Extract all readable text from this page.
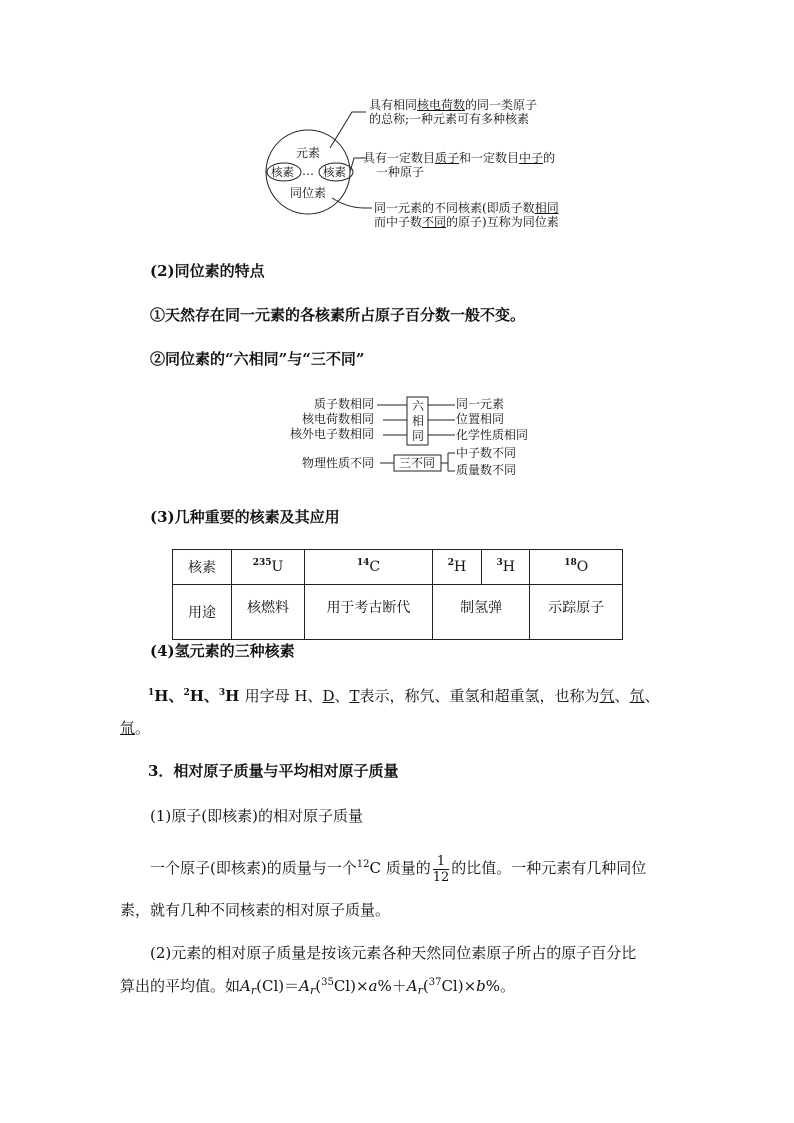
元素
核素 … 核素
同位素
具有相同核电荷数的同一类原子
的总称;一种元素可有多种核素
具有一定数目质子和一定数目中子的
一种原子
同一元素的不同核素(即质子数相同
而中子数不同的原子)互称为同位素
(2)同位素的特点
①天然存在同一元素的各核素所占原子百分数一般不变。
②同位素的“六相同”与“三不同”
质子数相同
核电荷数相同
核外电子数相同
六
相
同
同一元素
位置相同
化学性质相同
物理性质不同 三不同
中子数不同
质量数不同
(3)几种重要的核素及其应用
核素	$^{235}$U	$^{14}$C	$^2$H	$^3$H	$^{18}$O
用途	核燃料	用于考古断代	制氢弹		示踪原子
(4)氢元素的三种核素
$^1$H、$^2$H、$^3$H 用字母 H、D、T表示，称氕、重氢和超重氢，也称为氕、氘、
氚。
3．相对原子质量与平均相对原子质量
(1)原子(即核素)的相对原子质量
一个原子(即核素)的质量与一个$^{12}$C 质量的 $\frac{1}{12}$ 的比值。一种元素有几种同位
素，就有几种不同核素的相对原子质量。
(2)元素的相对原子质量是按该元素各种天然同位素原子所占的原子百分比
算出的平均值。如$A_r(Cl)=A_r(^{35}Cl)\times a\%+A_r(^{37}Cl)\times b\%$。
